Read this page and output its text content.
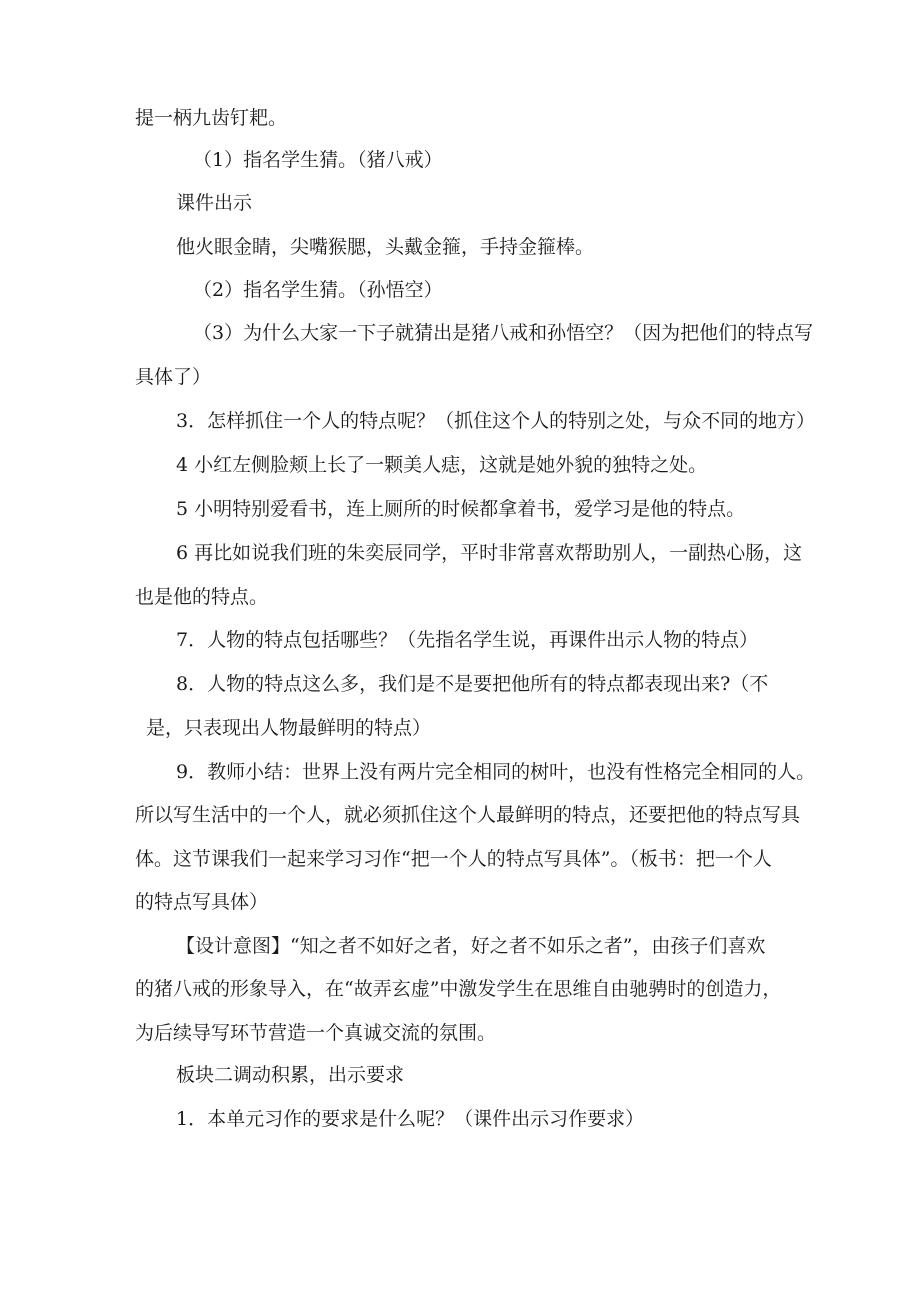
提一柄九齿钉耙。
（1）指名学生猜。（猪八戒）
课件出示
他火眼金睛，尖嘴猴腮，头戴金箍，手持金箍棒。
（2）指名学生猜。（孙悟空）
（3）为什么大家一下子就猜出是猪八戒和孙悟空？（因为把他们的特点写
具体了）
3．怎样抓住一个人的特点呢？（抓住这个人的特别之处，与众不同的地方）
4 小红左侧脸颊上长了一颗美人痣，这就是她外貌的独特之处。
5 小明特别爱看书，连上厕所的时候都拿着书，爱学习是他的特点。
6 再比如说我们班的朱奕辰同学，平时非常喜欢帮助别人，一副热心肠，这
也是他的特点。
7．人物的特点包括哪些？（先指名学生说，再课件出示人物的特点）
8．人物的特点这么多，我们是不是要把他所有的特点都表现出来?（不
是，只表现出人物最鲜明的特点）
9．教师小结：世界上没有两片完全相同的树叶，也没有性格完全相同的人。
所以写生活中的一个人，就必须抓住这个人最鲜明的特点，还要把他的特点写具
体。这节课我们一起来学习习作“把一个人的特点写具体”。（板书：把一个人
的特点写具体）
【设计意图】“知之者不如好之者，好之者不如乐之者”，由孩子们喜欢
的猪八戒的形象导入，在“故弄玄虚”中激发学生在思维自由驰骋时的创造力，
为后续导写环节营造一个真诚交流的氛围。
板块二调动积累，出示要求
1．本单元习作的要求是什么呢？（课件出示习作要求）
